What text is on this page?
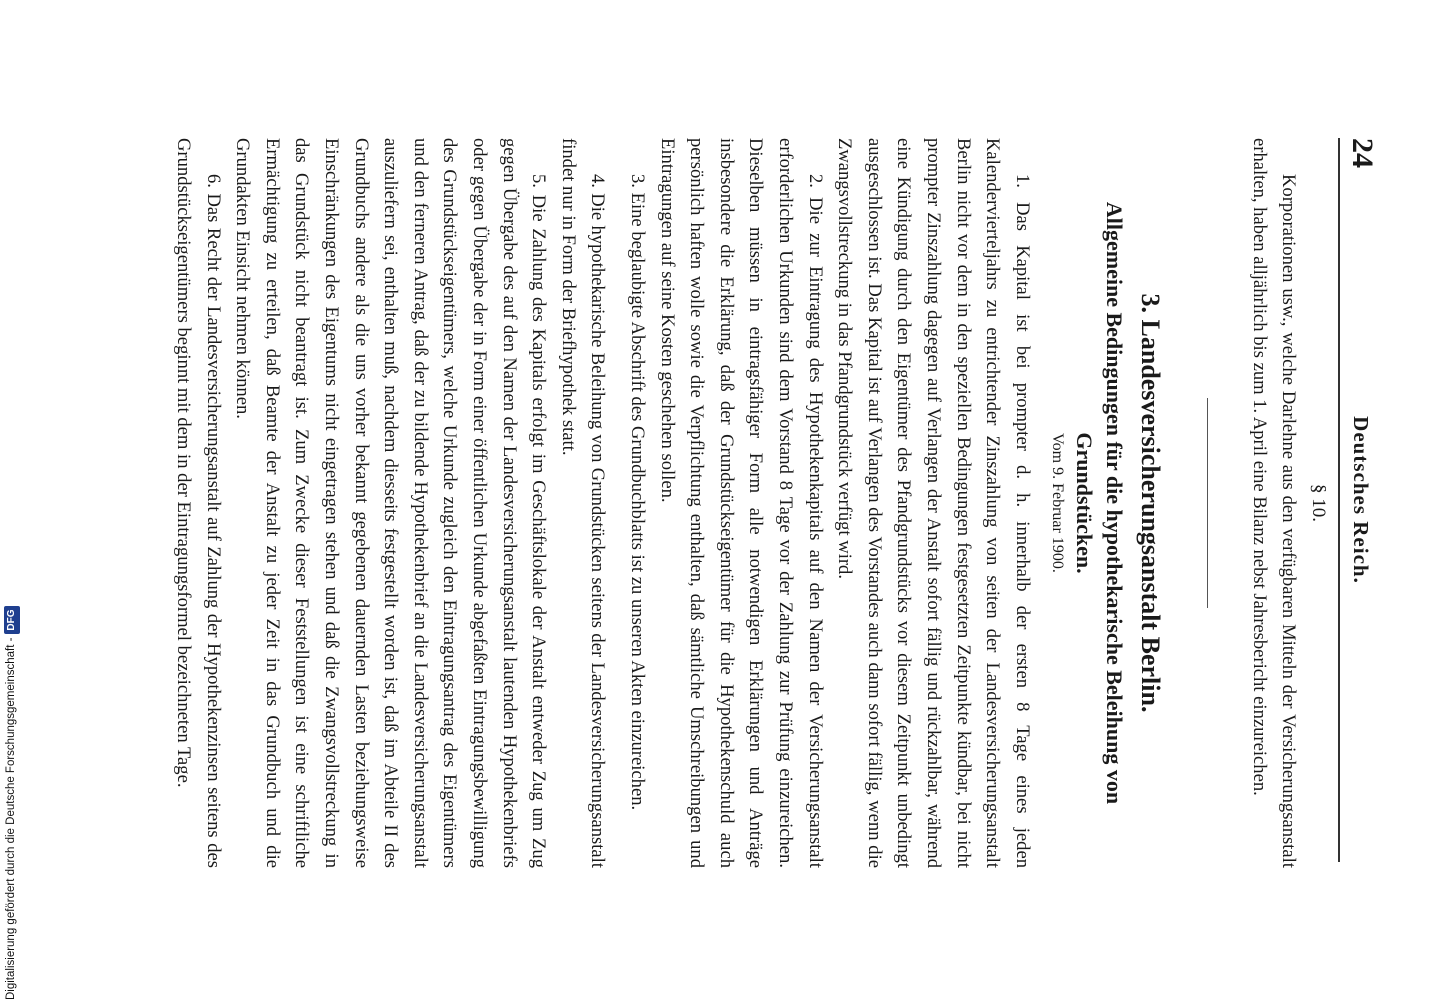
24
Deutsches Reich.

§ 10.

Korporationen usw., welche Darlehne aus den verfügbaren Mitteln der Versicherungsanstalt erhalten, haben alljährlich bis zum 1. April eine Bilanz nebst Jahresbericht einzureichen.

3. Landesversicherungsanstalt Berlin.

Allgemeine Bedingungen für die hypothekarische Beleihung von Grundstücken.

Vom 9. Februar 1900.

1. Das Kapital ist bei prompter d. h. innerhalb der ersten 8 Tage eines jeden Kalendervierteljahrs zu entrichtender Zinszahlung von seiten der Landesversicherungsanstalt Berlin nicht vor dem in den speziellen Bedingungen festgesetzten Zeitpunkte kündbar, bei nicht prompter Zinszahlung dagegen auf Verlangen der Anstalt sofort fällig und rückzahlbar, während eine Kündigung durch den Eigentümer des Pfandgrundstücks vor diesem Zeitpunkt unbedingt ausgeschlossen ist. Das Kapital ist auf Verlangen des Vorstandes auch dann sofort fällig, wenn die Zwangsvollstreckung in das Pfandgrundstück verfügt wird.

2. Die zur Eintragung des Hypothekenkapitals auf den Namen der Versicherungsanstalt erforderlichen Urkunden sind dem Vorstand 8 Tage vor der Zahlung zur Prüfung einzureichen. Dieselben müssen in eintragsfähiger Form alle notwendigen Erklärungen und Anträge insbesondere die Erklärung, daß der Grundstückseigentümer für die Hypothekenschuld auch persönlich haften wolle sowie die Verpflichtung enthalten, daß sämtliche Umschreibungen und Eintragungen auf seine Kosten geschehen sollen.

3. Eine beglaubigte Abschrift des Grundbuchblatts ist zu unseren Akten einzureichen.

4. Die hypothekarische Beleihung von Grundstücken seitens der Landesversicherungsanstalt findet nur in Form der Briefhypothek statt.

5. Die Zahlung des Kapitals erfolgt im Geschäftslokale der Anstalt entweder Zug um Zug gegen Übergabe des auf den Namen der Landesversicherungsanstalt lautenden Hypothekenbriefs oder gegen Übergabe der in Form einer öffentlichen Urkunde abgefaßten Eintragungsbewilligung des Grundstückseigentümers, welche Urkunde zugleich den Eintragungsantrag des Eigentümers und den ferneren Antrag, daß der zu bildende Hypothekenbrief an die Landesversicherungsanstalt auszuliefern sei, enthalten muß, nachdem diesseits festgestellt worden ist, daß im Abteile II des Grundbuchs andere als die uns vorher bekannt gegebenen dauernden Lasten beziehungsweise Einschränkungen des Eigentums nicht eingetragen stehen und daß die Zwangsvollstreckung in das Grundstück nicht beantragt ist. Zum Zwecke dieser Feststellungen ist eine schriftliche Ermächtigung zu erteilen, daß Beamte der Anstalt zu jeder Zeit in das Grundbuch und die Grundakten Einsicht nehmen können.

6. Das Recht der Landesversicherungsanstalt auf Zahlung der Hypothekenzinsen seitens des Grundstückseigentümers beginnt mit dem in der Eintragungsformel bezeichneten Tage.

Digitalisierung gefördert durch die Deutsche Forschungsgemeinschaft -DFG
